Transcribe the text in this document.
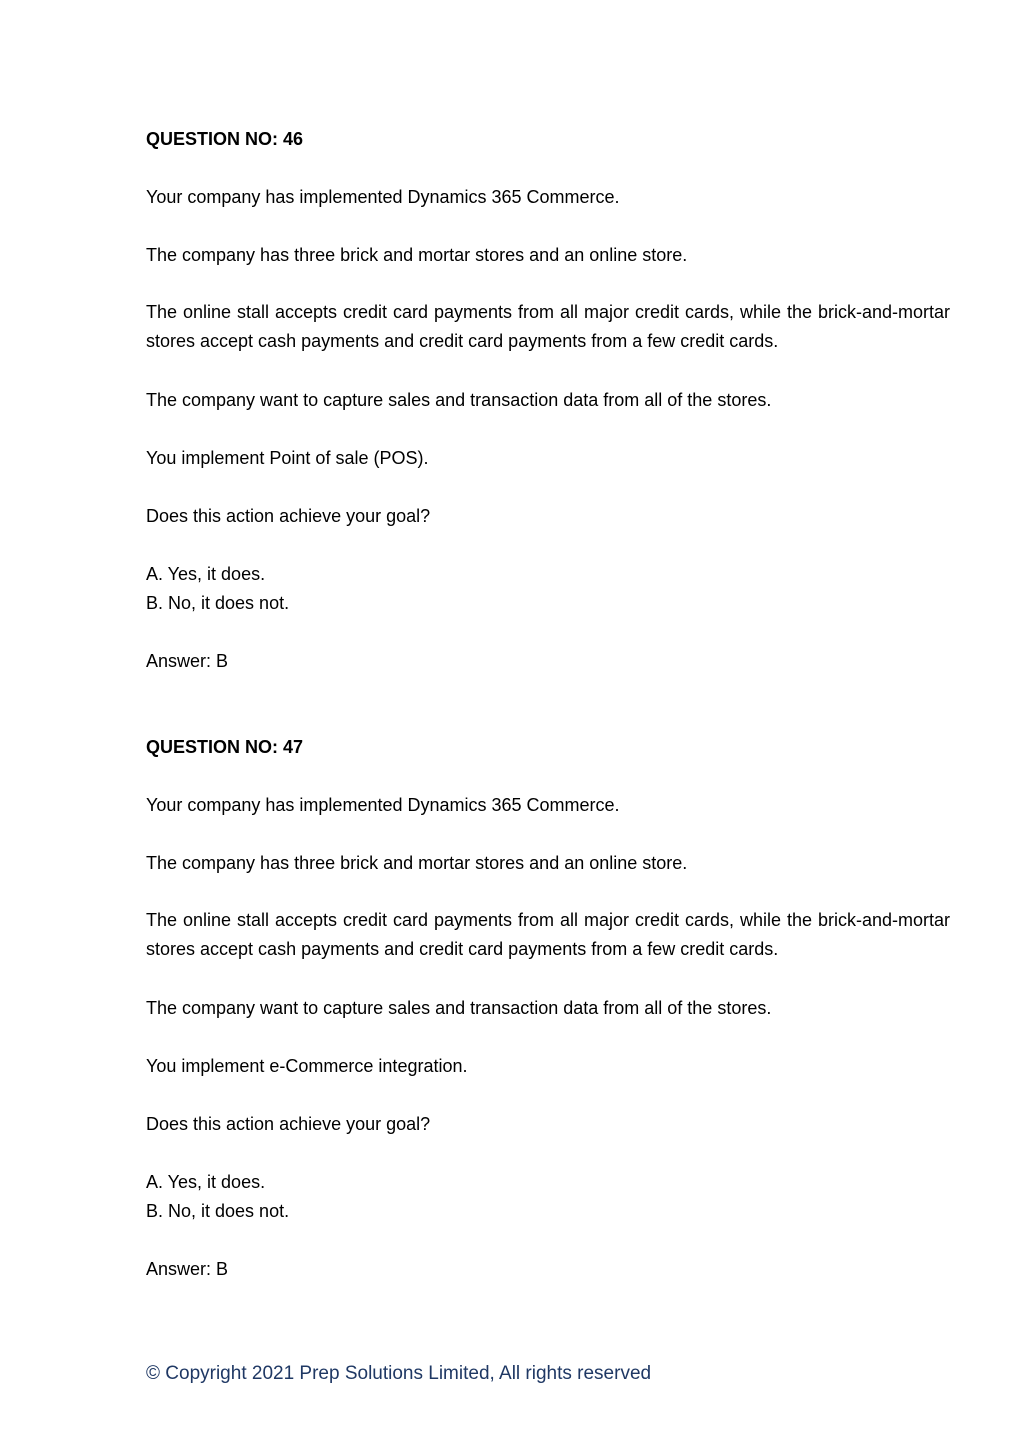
QUESTION NO: 46

Your company has implemented Dynamics 365 Commerce.

The company has three brick and mortar stores and an online store.

The online stall accepts credit card payments from all major credit cards, while the brick-and-mortar stores accept cash payments and credit card payments from a few credit cards.

The company want to capture sales and transaction data from all of the stores.

You implement Point of sale (POS).

Does this action achieve your goal?

A. Yes, it does.

B. No, it does not.

Answer: B

QUESTION NO: 47

Your company has implemented Dynamics 365 Commerce.

The company has three brick and mortar stores and an online store.

The online stall accepts credit card payments from all major credit cards, while the brick-and-mortar stores accept cash payments and credit card payments from a few credit cards.

The company want to capture sales and transaction data from all of the stores.

You implement e-Commerce integration.

Does this action achieve your goal?

A. Yes, it does.

B. No, it does not.

Answer: B

© Copyright 2021 Prep Solutions Limited, All rights reserved
